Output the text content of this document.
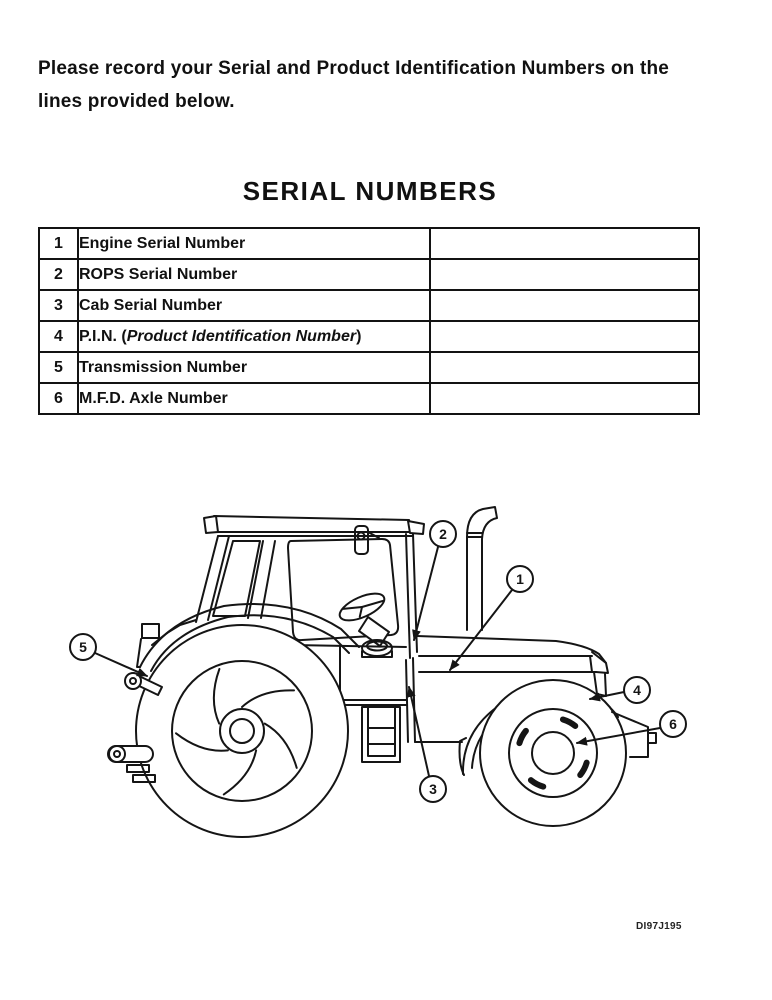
Please record your Serial and Product Identification Numbers on the
lines provided below.
SERIAL NUMBERS
1	Engine Serial Number	
2	ROPS Serial Number	
3	Cab Serial Number	
4	P.I.N. (Product Identification Number)	
5	Transmission Number	
6	M.F.D. Axle Number	
1
2
3
4
5
6
DI97J195
